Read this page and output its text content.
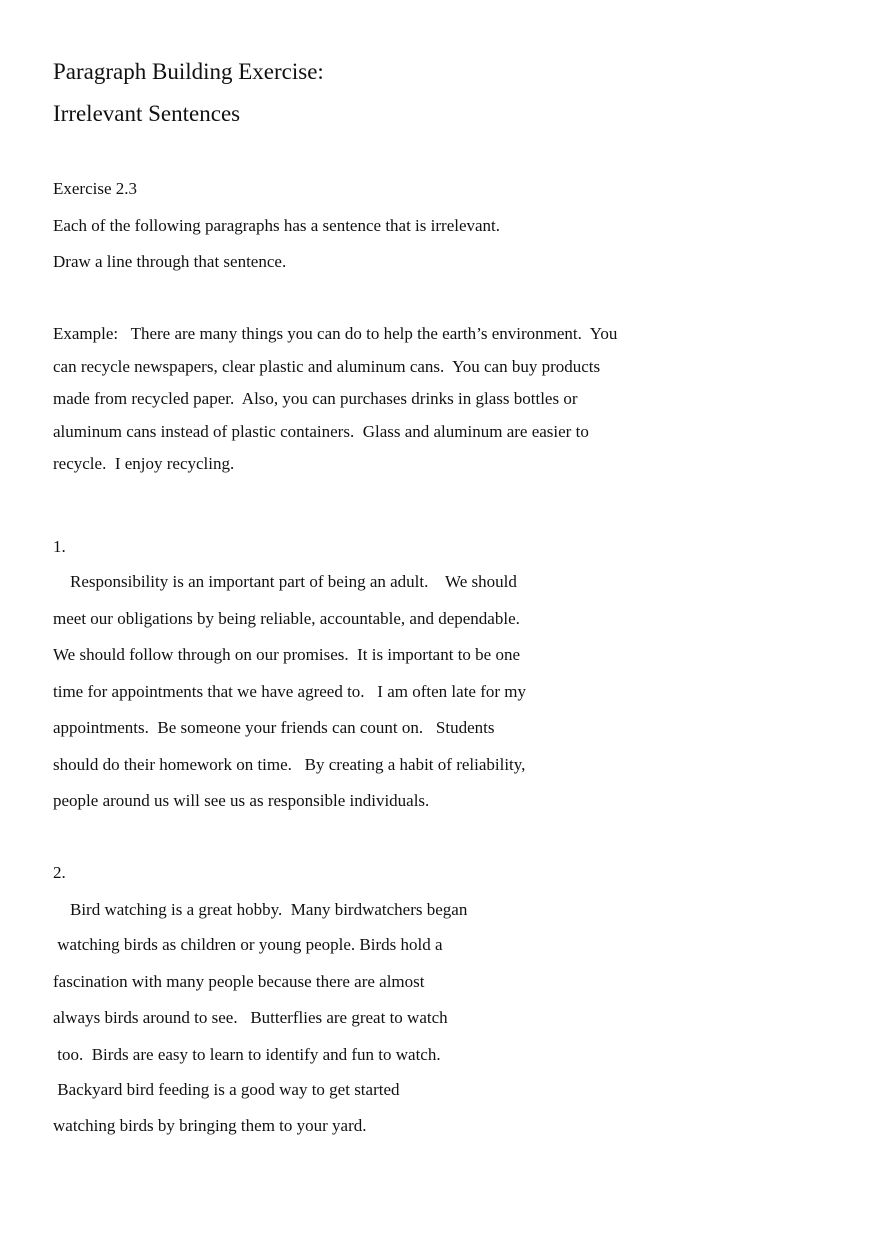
Paragraph Building Exercise:
Irrelevant Sentences
Exercise 2.3
Each of the following paragraphs has a sentence that is irrelevant.
Draw a line through that sentence.
Example:   There are many things you can do to help the earth’s environment.  You
can recycle newspapers, clear plastic and aluminum cans.  You can buy products
made from recycled paper.  Also, you can purchases drinks in glass bottles or
aluminum cans instead of plastic containers.  Glass and aluminum are easier to
recycle.  I enjoy recycling.
1.
Responsibility is an important part of being an adult.    We should
meet our obligations by being reliable, accountable, and dependable.
We should follow through on our promises.  It is important to be one
time for appointments that we have agreed to.   I am often late for my
appointments.  Be someone your friends can count on.   Students
should do their homework on time.   By creating a habit of reliability,
people around us will see us as responsible individuals.
2.
Bird watching is a great hobby.  Many birdwatchers began
watching birds as children or young people. Birds hold a
fascination with many people because there are almost
always birds around to see.   Butterflies are great to watch
too.  Birds are easy to learn to identify and fun to watch.
Backyard bird feeding is a good way to get started
watching birds by bringing them to your yard.
